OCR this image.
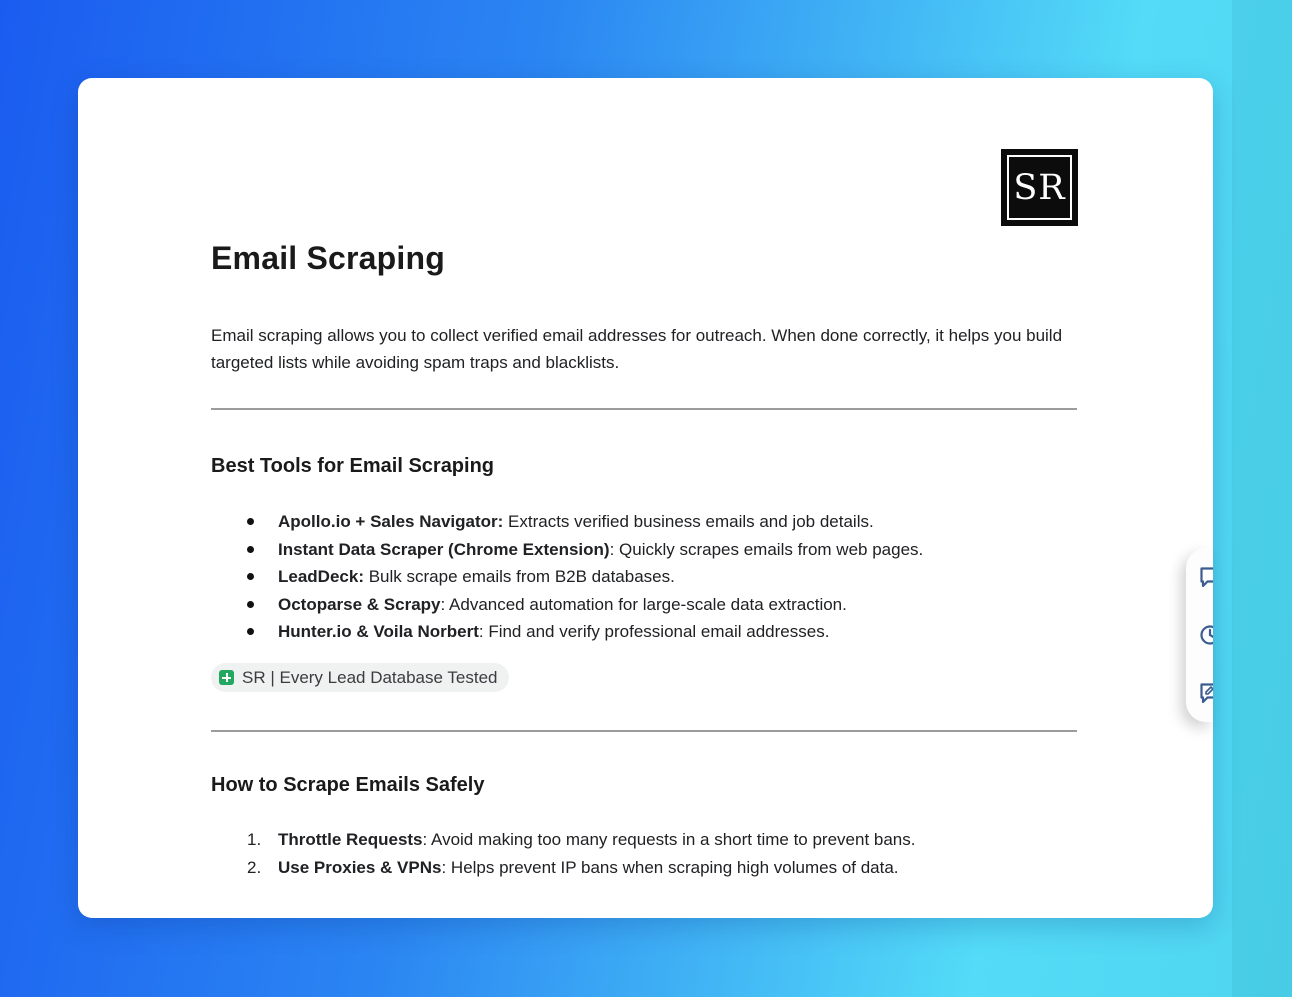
SR
Email Scraping

Email scraping allows you to collect verified email addresses for outreach. When done correctly, it helps you build targeted lists while avoiding spam traps and blacklists.

Best Tools for Email Scraping
Apollo.io + Sales Navigator: Extracts verified business emails and job details.
Instant Data Scraper (Chrome Extension): Quickly scrapes emails from web pages.
LeadDeck: Bulk scrape emails from B2B databases.
Octoparse & Scrapy: Advanced automation for large-scale data extraction.
Hunter.io & Voila Norbert: Find and verify professional email addresses.
SR | Every Lead Database Tested
How to Scrape Emails Safely
1. Throttle Requests: Avoid making too many requests in a short time to prevent bans.
2. Use Proxies & VPNs: Helps prevent IP bans when scraping high volumes of data.
